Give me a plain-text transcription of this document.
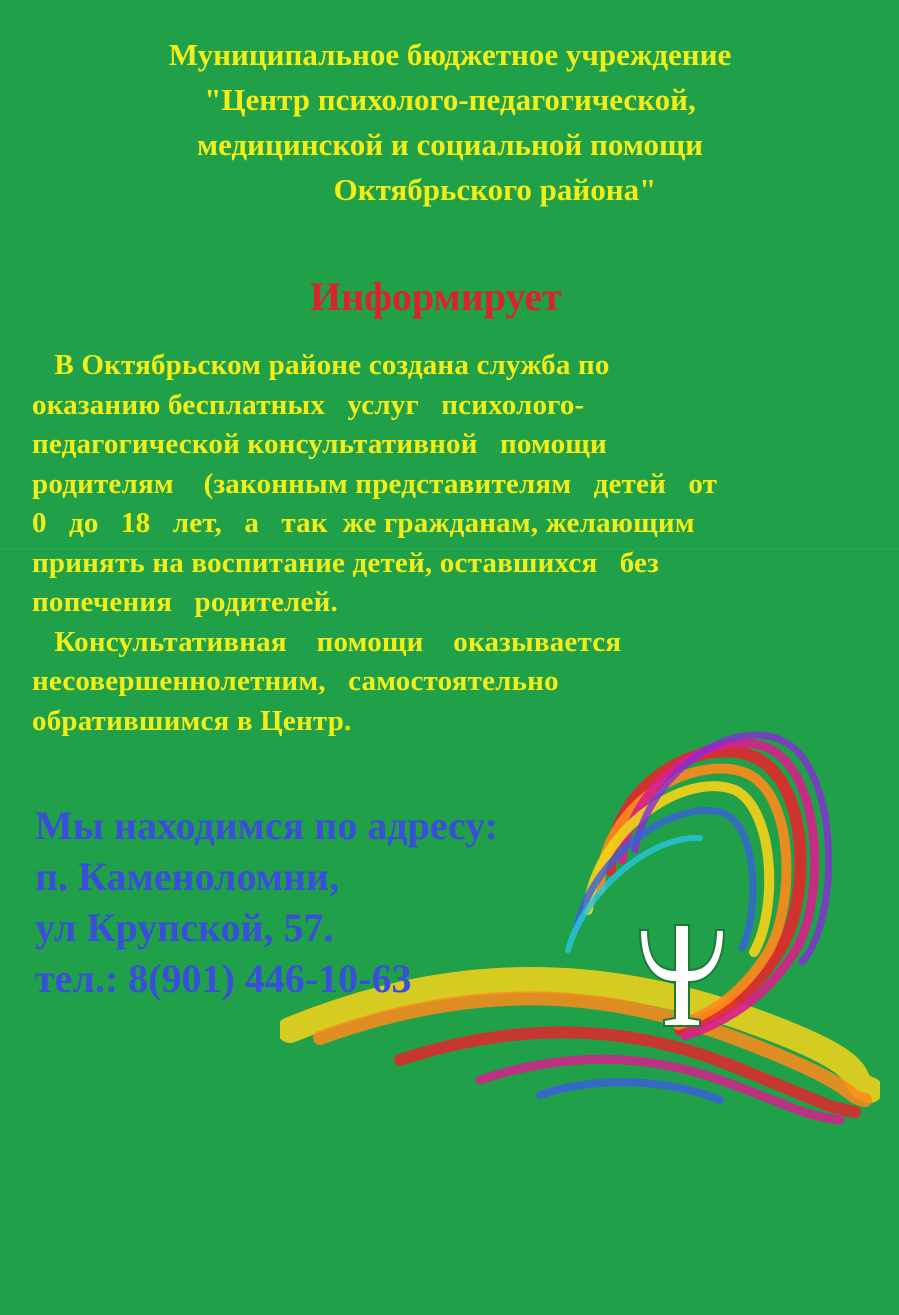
Муниципальное бюджетное учреждение
"Центр психолого-педагогической,
медицинской и социальной помощи
Октябрьского района"
Информирует
В Октябрьском районе создана служба по
оказанию бесплатных   услуг   психолого-
педагогической консультативной   помощи
родителям    (законным представителям   детей   от
0   до   18   лет,   а   так  же гражданам, желающим
принять на воспитание детей, оставшихся   без
попечения   родителей.
Консультативная    помощи    оказывается
несовершеннолетним,   самостоятельно
обратившимся в Центр.
Мы находимся по адресу:
п. Каменоломни,
ул Крупской, 57.
тел.: 8(901) 446-10-63
